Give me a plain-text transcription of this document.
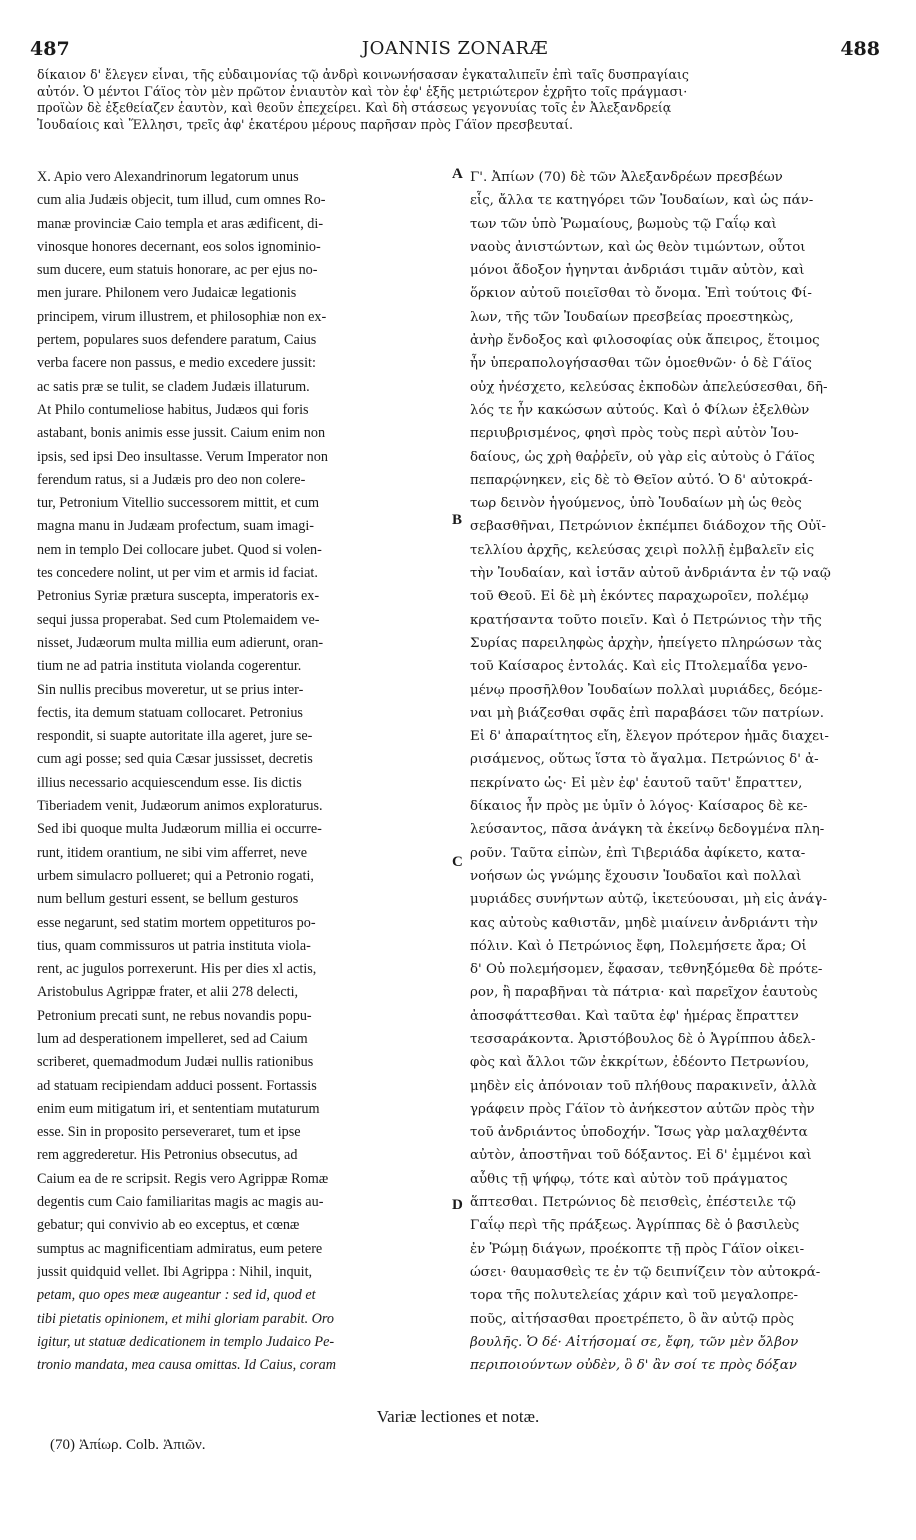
487	JOANNIS ZONARÆ	488
δίκαιον δ' ἔλεγεν εἶναι, τῆς εὐδαιμονίας τῷ ἀνδρὶ κοινωνήσασαν ἐγκαταλιπεῖν ἐπὶ ταῖς δυσπραγίαις
αὐτόν. Ὁ μέντοι Γάϊος τὸν μὲν πρῶτον ἐνιαυτὸν καὶ τὸν ἐφ' ἑξῆς μετριώτερον ἐχρῆτο τοῖς πράγμασι·
προϊὼν δὲ ἐξεθείαζεν ἑαυτὸν, καὶ θεοῦν ἐπεχείρει. Καὶ δὴ στάσεως γεγονυίας τοῖς ἐν Ἀλεξανδρείᾳ
Ἰουδαίοις καὶ Ἕλλησι, τρεῖς ἀφ' ἑκατέρου μέρους παρῆσαν πρὸς Γάϊον πρεσβευταί.
X. Apio vero Alexandrinorum legatorum unus
cum alia Judæis objecit, tum illud, cum omnes Ro-
manæ provinciæ Caio templa et aras ædificent, di-
vinosque honores decernant, eos solos ignominio-
sum ducere, eum statuis honorare, ac per ejus no-
men jurare. Philonem vero Judaicæ legationis
principem, virum illustrem, et philosophiæ non ex-
pertem, populares suos defendere paratum, Caius
verba facere non passus, e medio excedere jussit:
ac satis præ se tulit, se cladem Judæis illaturum.
At Philo contumeliose habitus, Judæos qui foris
astabant, bonis animis esse jussit. Caium enim non
ipsis, sed ipsi Deo insultasse. Verum Imperator non
ferendum ratus, si a Judæis pro deo non colere-
tur, Petronium Vitellio successorem mittit, et cum
magna manu in Judæam profectum, suam imagi-
nem in templo Dei collocare jubet. Quod si volen-
tes concedere nolint, ut per vim et armis id faciat.
Petronius Syriæ prætura suscepta, imperatoris ex-
sequi jussa properabat. Sed cum Ptolemaidem ve-
nisset, Judæorum multa millia eum adierunt, oran-
tium ne ad patria instituta violanda cogerentur.
Sin nullis precibus moveretur, ut se prius inter-
fectis, ita demum statuam collocaret. Petronius
respondit, si suapte autoritate illa ageret, jure se-
cum agi posse; sed quia Cæsar jussisset, decretis
illius necessario acquiescendum esse. Iis dictis
Tiberiadem venit, Judæorum animos exploraturus.
Sed ibi quoque multa Judæorum millia ei occurre-
runt, itidem orantium, ne sibi vim afferret, neve
urbem simulacro pollueret; qui a Petronio rogati,
num bellum gesturi essent, se bellum gesturos
esse negarunt, sed statim mortem oppetituros po-
tius, quam commissuros ut patria instituta viola-
rent, ac jugulos porrexerunt. His per dies xl actis,
Aristobulus Agrippæ frater, et alii 278 delecti,
Petronium precati sunt, ne rebus novandis popu-
lum ad desperationem impelleret, sed ad Caium
scriberet, quemadmodum Judæi nullis rationibus
ad statuam recipiendam adduci possent. Fortassis
enim eum mitigatum iri, et sententiam mutaturum
esse. Sin in proposito perseveraret, tum et ipse
rem aggrederetur. His Petronius obsecutus, ad
Caium ea de re scripsit. Regis vero Agrippæ Romæ
degentis cum Caio familiaritas magis ac magis au-
gebatur; qui convivio ab eo exceptus, et cœnæ
sumptus ac magnificentiam admiratus, eum petere
jussit quidquid vellet. Ibi Agrippa : Nihil, inquit,
petam, quo opes meæ augeantur : sed id, quod et
tibi pietatis opinionem, et mihi gloriam parabit. Oro
igitur, ut statuæ dedicationem in templo Judaico Pe-
tronio mandata, mea causa omittas. Id Caius, coram
Γ'. Ἀπίων (70) δὲ τῶν Ἀλεξανδρέων πρεσβέων
εἷς, ἄλλα τε κατηγόρει τῶν Ἰουδαίων, καὶ ὡς πάν-
των τῶν ὑπὸ Ῥωμαίους, βωμοὺς τῷ Γαΐῳ καὶ
ναοὺς ἀνιστώντων, καὶ ὡς θεὸν τιμώντων, οὗτοι
μόνοι ἄδοξον ἡγηνται ἀνδριάσι τιμᾶν αὐτὸν, καὶ
ὅρκιον αὐτοῦ ποιεῖσθαι τὸ ὄνομα. Ἐπὶ τούτοις Φί-
λων, τῆς τῶν Ἰουδαίων πρεσβείας προεστηκὼς,
ἀνὴρ ἔνδοξος καὶ φιλοσοφίας οὐκ ἄπειρος, ἕτοιμος
ἦν ὑπεραπολογήσασθαι τῶν ὁμοεθνῶν· ὁ δὲ Γάϊος
οὐχ ἠνέσχετο, κελεύσας ἐκποδὼν ἀπελεύσεσθαι, δῆ-
λός τε ἦν κακώσων αὐτούς. Καὶ ὁ Φίλων ἐξελθὼν
περιυβρισμένος, φησὶ πρὸς τοὺς περὶ αὐτὸν Ἰου-
δαίους, ὡς χρὴ θαῤῥεῖν, οὐ γὰρ εἰς αὐτοὺς ὁ Γάϊος
πεπαρῴνηκεν, εἰς δὲ τὸ Θεῖον αὐτό. Ὁ δ' αὐτοκρά-
τωρ δεινὸν ἡγούμενος, ὑπὸ Ἰουδαίων μὴ ὡς θεὸς
σεβασθῆναι, Πετρώνιον ἐκπέμπει διάδοχον τῆς Οὐϊ-
τελλίου ἀρχῆς, κελεύσας χειρὶ πολλῇ ἐμβαλεῖν εἰς
τὴν Ἰουδαίαν, καὶ ἱστᾶν αὐτοῦ ἀνδριάντα ἐν τῷ ναῷ
τοῦ Θεοῦ. Εἰ δὲ μὴ ἑκόντες παραχωροῖεν, πολέμῳ
κρατήσαντα τοῦτο ποιεῖν. Καὶ ὁ Πετρώνιος τὴν τῆς
Συρίας παρειληφὼς ἀρχὴν, ἠπείγετο πληρώσων τὰς
τοῦ Καίσαρος ἐντολάς. Καὶ εἰς Πτολεμαΐδα γενο-
μένῳ προσῆλθον Ἰουδαίων πολλαὶ μυριάδες, δεόμε-
ναι μὴ βιάζεσθαι σφᾶς ἐπὶ παραβάσει τῶν πατρίων.
Εἰ δ' ἀπαραίτητος εἴη, ἔλεγον πρότερον ἡμᾶς διαχει-
ρισάμενος, οὕτως ἵστα τὸ ἄγαλμα. Πετρώνιος δ' ἀ-
πεκρίνατο ὡς· Εἰ μὲν ἐφ' ἑαυτοῦ ταῦτ' ἔπραττεν,
δίκαιος ἦν πρὸς με ὑμῖν ὁ λόγος· Καίσαρος δὲ κε-
λεύσαντος, πᾶσα ἀνάγκη τὰ ἐκείνῳ δεδογμένα πλη-
ροῦν. Ταῦτα εἰπὼν, ἐπὶ Τιβεριάδα ἀφίκετο, κατα-
νοήσων ὡς γνώμης ἔχουσιν Ἰουδαῖοι καὶ πολλαὶ
μυριάδες συνήντων αὐτῷ, ἱκετεύουσαι, μὴ εἰς ἀνάγ-
κας αὐτοὺς καθιστᾶν, μηδὲ μιαίνειν ἀνδριάντι τὴν
πόλιν. Καὶ ὁ Πετρώνιος ἔφη, Πολεμήσετε ἄρα; Οἱ
δ' Οὐ πολεμήσομεν, ἔφασαν, τεθνηξόμεθα δὲ πρότε-
ρον, ἢ παραβῆναι τὰ πάτρια· καὶ παρεῖχον ἑαυτοὺς
ἀποσφάττεσθαι. Καὶ ταῦτα ἐφ' ἡμέρας ἔπραττεν
τεσσαράκοντα. Ἀριστόβουλος δὲ ὁ Ἀγρίππου ἀδελ-
φὸς καὶ ἄλλοι τῶν ἐκκρίτων, ἐδέοντο Πετρωνίου,
μηδὲν εἰς ἀπόνοιαν τοῦ πλήθους παρακινεῖν, ἀλλὰ
γράφειν πρὸς Γάϊον τὸ ἀνήκεστον αὐτῶν πρὸς τὴν
τοῦ ἀνδριάντος ὑποδοχήν. Ἴσως γὰρ μαλαχθέντα
αὐτὸν, ἀποστῆναι τοῦ δόξαντος. Εἰ δ' ἐμμένοι καὶ
αὖθις τῇ ψήφῳ, τότε καὶ αὐτὸν τοῦ πράγματος
ἅπτεσθαι. Πετρώνιος δὲ πεισθεὶς, ἐπέστειλε τῷ
Γαΐῳ περὶ τῆς πράξεως. Ἀγρίππας δὲ ὁ βασιλεὺς
ἐν Ῥώμῃ διάγων, προέκοπτε τῇ πρὸς Γάϊον οἰκει-
ώσει· θαυμασθεὶς τε ἐν τῷ δειπνίζειν τὸν αὐτοκρά-
τορα τῆς πολυτελείας χάριν καὶ τοῦ μεγαλοπρε-
ποῦς, αἰτήσασθαι προετρέπετο, ὃ ἂν αὐτῷ πρὸς
βουλῆς. Ὁ δέ· Αἰτήσομαί σε, ἔφη, τῶν μὲν ὄλβον
περιποιούντων οὐδὲν, ὃ δ' ἂν σοί τε πρὸς δόξαν
A
B
C
D
Variæ lectiones et notæ.
(70) Ἀπίωρ. Colb. Ἀπιῶν.
